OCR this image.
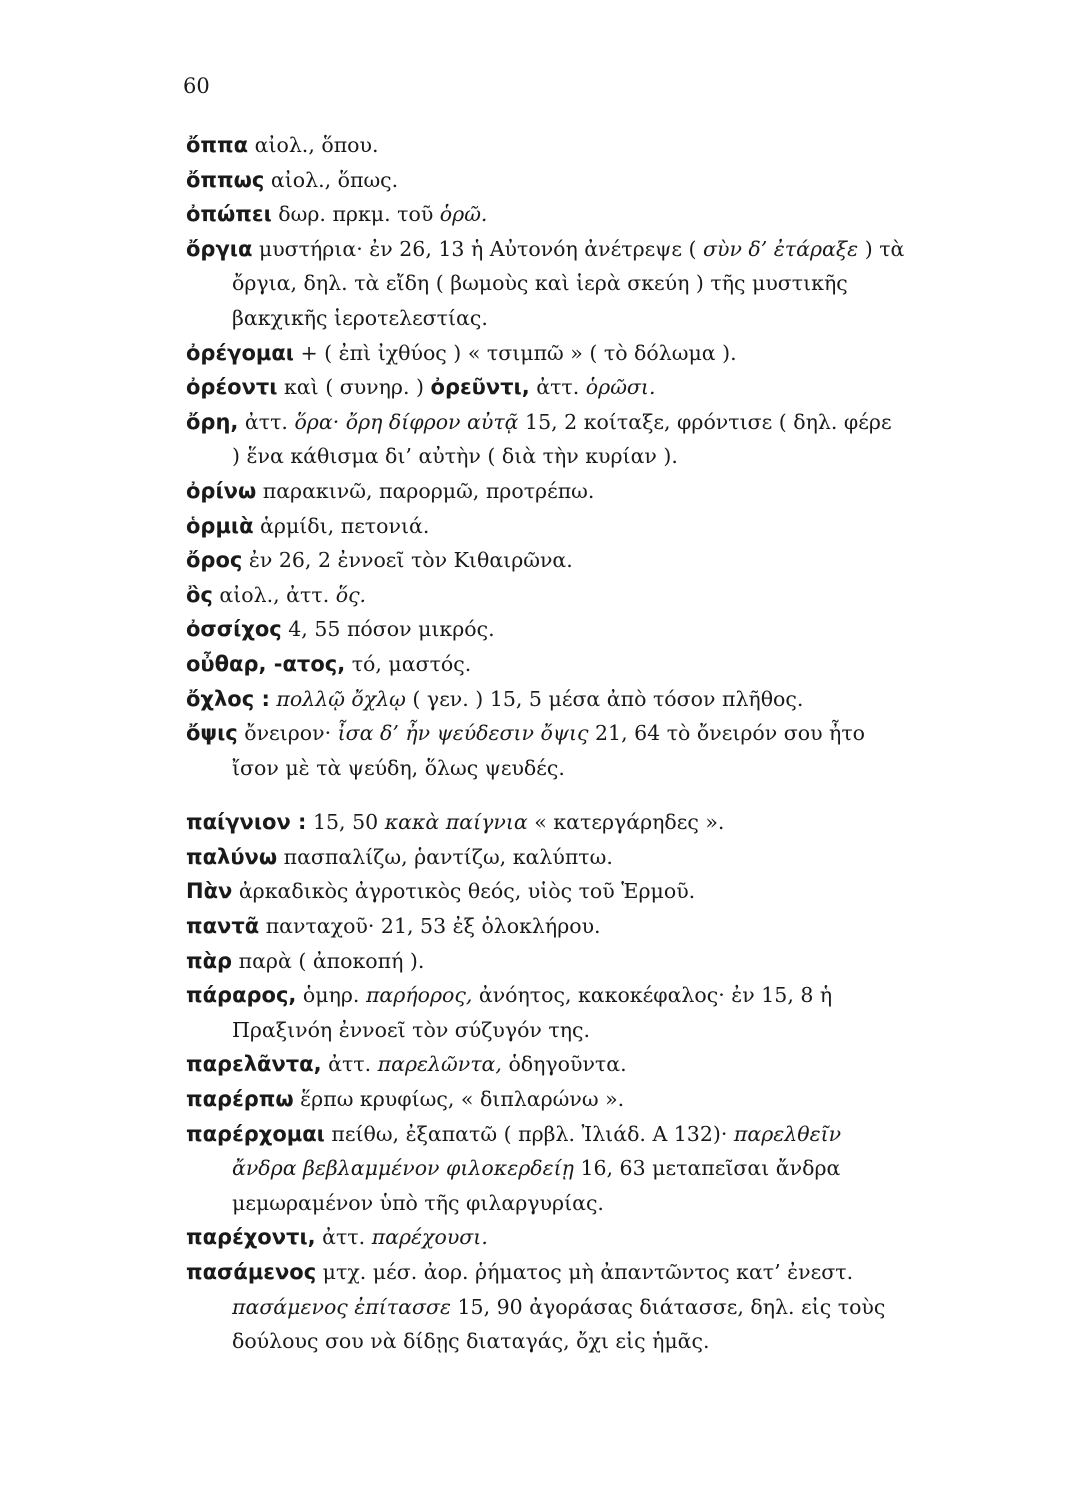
60
ὄππα αἰολ., ὅπου.
ὄππως αἰολ., ὅπως.
ὀπώπει δωρ. πρκμ. τοῦ ὁρῶ.
ὄργια μυστήρια· ἐν 26, 13 ἡ Αὐτονόη ἀνέτρεψε ( σὺν δ’ ἐτάραξε ) τὰ ὄργια, δηλ. τὰ εἴδη ( βωμοὺς καὶ ἱερὰ σκεύη ) τῆς μυστικῆς βακχικῆς ἱεροτελεστίας.
ὀρέγομαι + ( ἐπὶ ἰχθύος ) « τσιμπῶ » ( τὸ δόλωμα ).
ὀρέοντι καὶ ( συνηρ. ) ὀρεῦντι, ἀττ. ὁρῶσι.
ὄρη, ἀττ. ὅρα· ὄρη δίφρον αὐτᾷ 15, 2 κοίταξε, φρόντισε ( δηλ. φέρε ) ἕνα κάθισμα δι’ αὐτὴν ( διὰ τὴν κυρίαν ).
ὀρίνω παρακινῶ, παρορμῶ, προτρέπω.
ὁρμιὰ ἁρμίδι, πετονιά.
ὄρος ἐν 26, 2 ἐννοεῖ τὸν Κιθαιρῶνα.
ὂς αἰολ., ἀττ. ὅς.
ὀσσίχος 4, 55 πόσον μικρός.
οὖθαρ, -ατος, τό, μαστός.
ὄχλος : πολλῷ ὄχλῳ ( γεν. ) 15, 5 μέσα ἀπὸ τόσον πλῆθος.
ὄψις ὄνειρον· ἶσα δ’ ἦν ψεύδεσιν ὄψις 21, 64 τὸ ὄνειρόν σου ἦτο ἴσον μὲ τὰ ψεύδη, ὅλως ψευδές.
παίγνιον : 15, 50 κακὰ παίγνια « κατεργάρηδες ».
παλύνω πασπαλίζω, ῥαντίζω, καλύπτω.
Πὰν ἀρκαδικὸς ἀγροτικὸς θεός, υἱὸς τοῦ Ἑρμοῦ.
παντᾶ πανταχοῦ· 21, 53 ἐξ ὁλοκλήρου.
πὰρ παρὰ ( ἀποκοπή ).
πάραρος, ὁμηρ. παρήορος, ἀνόητος, κακοκέφαλος· ἐν 15, 8 ἡ Πραξινόη ἐννοεῖ τὸν σύζυγόν της.
παρελᾶντα, ἀττ. παρελῶντα, ὁδηγοῦντα.
παρέρπω ἕρπω κρυφίως, « διπλαρώνω ».
παρέρχομαι πείθω, ἐξαπατῶ ( πρβλ. Ἰλιάδ. Α 132)· παρελθεῖν ἄνδρα βεβλαμμένον φιλοκερδείῃ 16, 63 μεταπεῖσαι ἄνδρα μεμωραμένον ὑπὸ τῆς φιλαργυρίας.
παρέχοντι, ἀττ. παρέχουσι.
πασάμενος μτχ. μέσ. ἀορ. ῥήματος μὴ ἀπαντῶντος κατ’ ἐνεστ. πασάμενος ἐπίτασσε 15, 90 ἀγοράσας διάτασσε, δηλ. εἰς τοὺς δούλους σου νὰ δίδῃς διαταγάς, ὄχι εἰς ἡμᾶς.
